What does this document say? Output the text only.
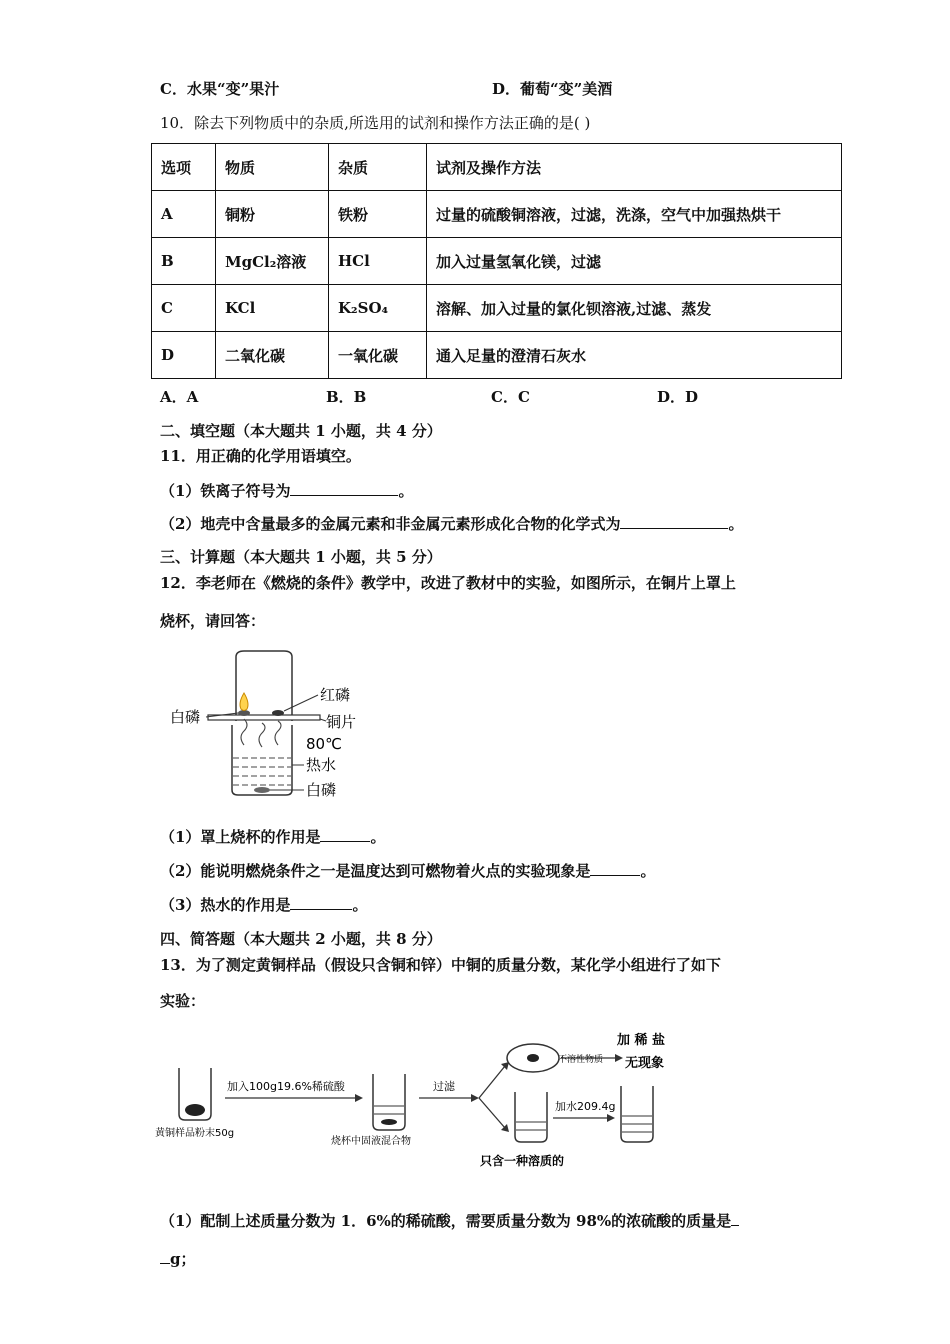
C．水果“变”果汁	D．葡萄“变”美酒
10．除去下列物质中的杂质,所选用的试剂和操作方法正确的是( )
选项	物质	杂质	试剂及操作方法
A	铜粉	铁粉	过量的硫酸铜溶液，过滤，洗涤，空气中加强热烘干
B	MgCl₂溶液	HCl	加入过量氢氧化镁，过滤
C	KCl	K₂SO₄	溶解、加入过量的氯化钡溶液,过滤、蒸发
D	二氧化碳	一氧化碳	通入足量的澄清石灰水
A．A	B．B	C．C	D．D
二、填空题（本大题共 1 小题，共 4 分）
11．用正确的化学用语填空。
（1）铁离子符号为	。
（2）地壳中含量最多的金属元素和非金属元素形成化合物的化学式为	。
三、计算题（本大题共 1 小题，共 5 分）
12．李老师在《燃烧的条件》教学中，改进了教材中的实验，如图所示，在铜片上罩上
烧杯，请回答：
白磷
红磷
铜片
80℃
热水
白磷
（1）罩上烧杯的作用是	。
（2）能说明燃烧条件之一是温度达到可燃物着火点的实验现象是	。
（3）热水的作用是	。
四、简答题（本大题共 2 小题，共 8 分）
13．为了测定黄铜样品（假设只含铜和锌）中铜的质量分数，某化学小组进行了如下
实验：
黄铜样品粉末50g
加入100g19.6%稀硫酸
烧杯中固液混合物
过滤
不溶性物质
加 稀 盐
无现象
加水209.4g
只含一种溶质的
（1）配制上述质量分数为 1．6%的稀硫酸，需要质量分数为 98%的浓硫酸的质量是
g；
